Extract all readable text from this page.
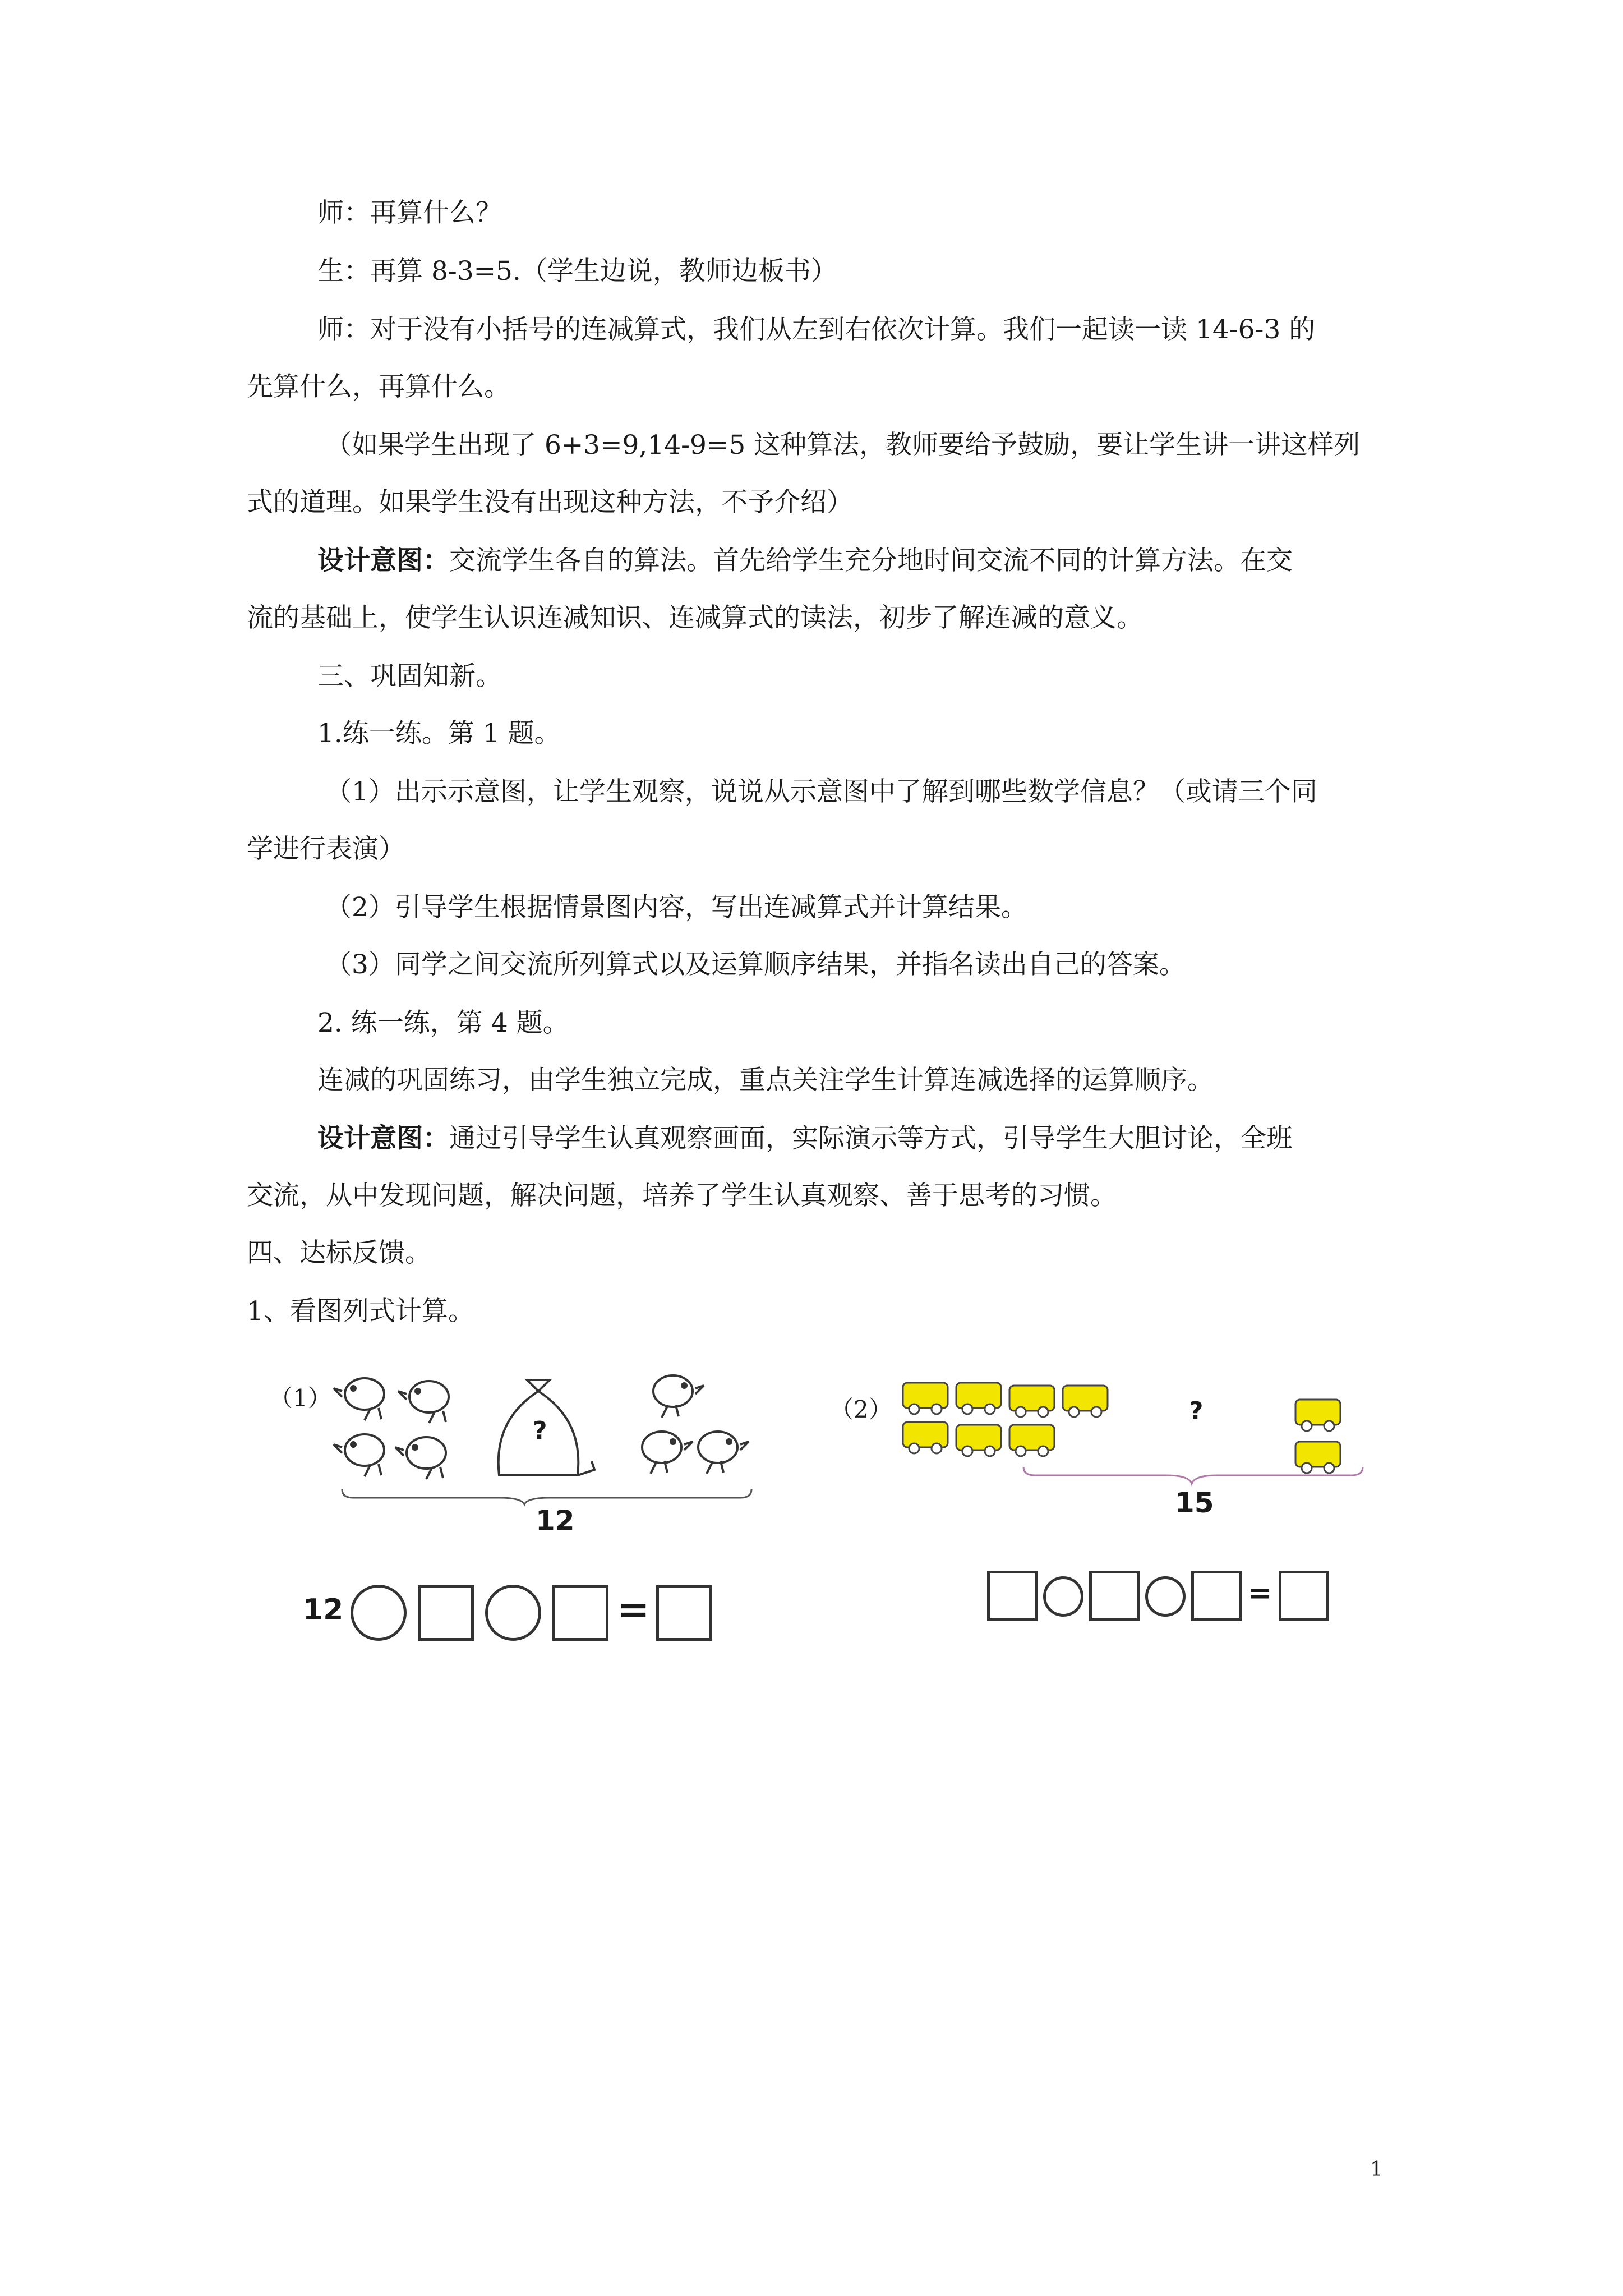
师：再算什么？
生：再算 8-3=5.（学生边说，教师边板书）
师：对于没有小括号的连减算式，我们从左到右依次计算。我们一起读一读 14-6-3 的
先算什么，再算什么。
（如果学生出现了 6+3=9,14-9=5 这种算法，教师要给予鼓励，要让学生讲一讲这样列
式的道理。如果学生没有出现这种方法，不予介绍）
设计意图：交流学生各自的算法。首先给学生充分地时间交流不同的计算方法。在交
流的基础上，使学生认识连减知识、连减算式的读法，初步了解连减的意义。
三、巩固知新。
1.练一练。第 1 题。
（1）出示示意图，让学生观察，说说从示意图中了解到哪些数学信息？（或请三个同
学进行表演）
（2）引导学生根据情景图内容，写出连减算式并计算结果。
（3）同学之间交流所列算式以及运算顺序结果，并指名读出自己的答案。
2. 练一练，第 4 题。
连减的巩固练习，由学生独立完成，重点关注学生计算连减选择的运算顺序。
设计意图：通过引导学生认真观察画面，实际演示等方式，引导学生大胆讨论，全班
交流，从中发现问题，解决问题，培养了学生认真观察、善于思考的习惯。
四、达标反馈。
1、看图列式计算。
（1）
?
12
12	=
（2）	?
15
=
1
